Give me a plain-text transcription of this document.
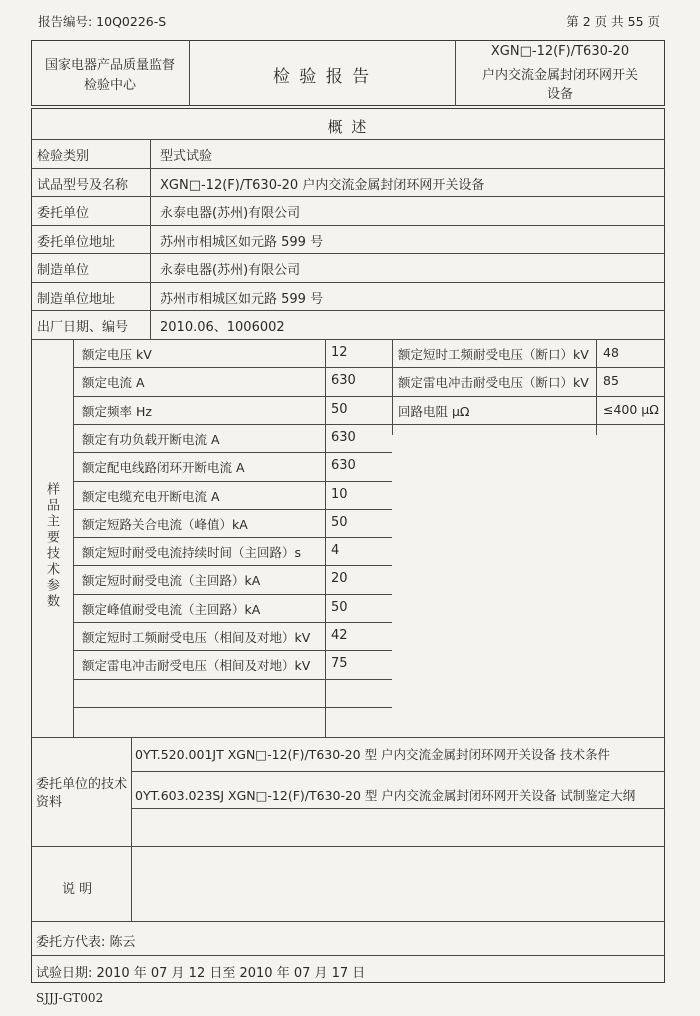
报告编号: 10Q0226-S	第 2 页 共 55 页
国家电器产品质量监督
检验中心	检 验 报 告
XGN□-12(F)/T630-20
户内交流金属封闭环网开关
设备
概 述
检验类别	型式试验
试品型号及名称 XGN□-12(F)/T630-20 户内交流金属封闭环网开关设备
委托单位	永泰电器(苏州)有限公司
委托单位地址	苏州市相城区如元路 599 号
制造单位	永泰电器(苏州)有限公司
制造单位地址	苏州市相城区如元路 599 号
出厂日期、编号 2010.06、1006002
样品主要技术参数
额定电压 kV	12
额定电流 A	630
额定频率 Hz	50
额定有功负载开断电流 A	630
额定配电线路闭环开断电流 A	630
额定电缆充电开断电流 A	10
额定短路关合电流（峰值）kA	50
额定短时耐受电流持续时间（主回路）s 4
额定短时耐受电流（主回路）kA	20
额定峰值耐受电流（主回路）kA	50
额定短时工频耐受电压（相间及对地）kV 42
额定雷电冲击耐受电压（相间及对地）kV 75
额定短时工频耐受电压（断口）kV 48
额定雷电冲击耐受电压（断口）kV 85
回路电阻 μΩ	≤400 μΩ
委托单位的技术资料
0YT.520.001JT XGN□-12(F)/T630-20 型 户内交流金属封闭环网开关设备 技术条件
0YT.603.023SJ XGN□-12(F)/T630-20 型 户内交流金属封闭环网开关设备 试制鉴定大纲
说 明
委托方代表: 陈云
试验日期: 2010 年 07 月 12 日至 2010 年 07 月 17 日
SJJJ-GT002
